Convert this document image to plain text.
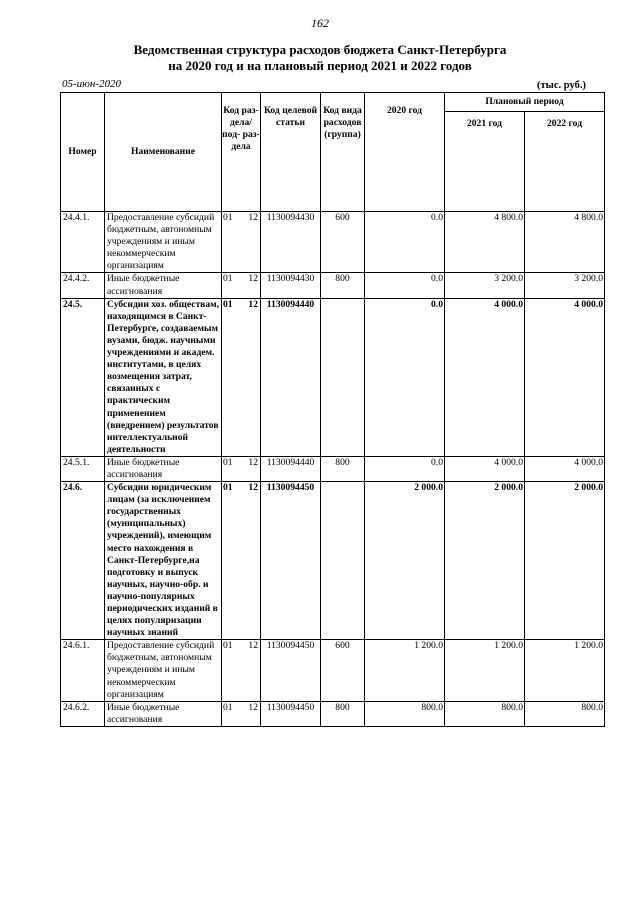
162
Ведомственная структура расходов бюджета Санкт-Петербурга
на 2020 год и на плановый период 2021 и 2022 годов
05-июн-2020	(тыс. руб.)
Номер	Наименование	Код раз- дела/ под- раз- дела	Код целевой статьи	Код вида расходов (группа)	2020 год	Плановый период	
						2021 год	2022 год
24.4.1.	Предоставление субсидий бюджетным, автономным учреждениям и иным некоммерческим организациям	01 12	1130094430	600	0.0	4 800.0	4 800.0
24.4.2.	Иные бюджетные ассигнования	01 12	1130094430	800	0.0	3 200.0	3 200.0
24.5.	Субсидии хоз. обществам, находящимся в Санкт-Петербурге, создаваемым вузами, бюдж. научными учреждениями и академ. институтами, в целях возмещения затрат, связанных с практическим применением (внедрением) результатов интеллектуальной деятельности	01 12	1130094440		0.0	4 000.0	4 000.0
24.5.1.	Иные бюджетные ассигнования	01 12	1130094440	800	0.0	4 000.0	4 000.0
24.6.	Субсидии юридическим лицам (за исключением государственных (муниципальных) учреждений), имеющим место нахождения в Санкт-Петербурге,на подготовку и выпуск научных, научно-обр. и научно-популярных периодических изданий в целях популяризации научных знаний	01 12	1130094450		2 000.0	2 000.0	2 000.0
24.6.1.	Предоставление субсидий бюджетным, автономным учреждениям и иным некоммерческим организациям	01 12	1130094450	600	1 200.0	1 200.0	1 200.0
24.6.2.	Иные бюджетные ассигнования	01 12	1130094450	800	800.0	800.0	800.0
